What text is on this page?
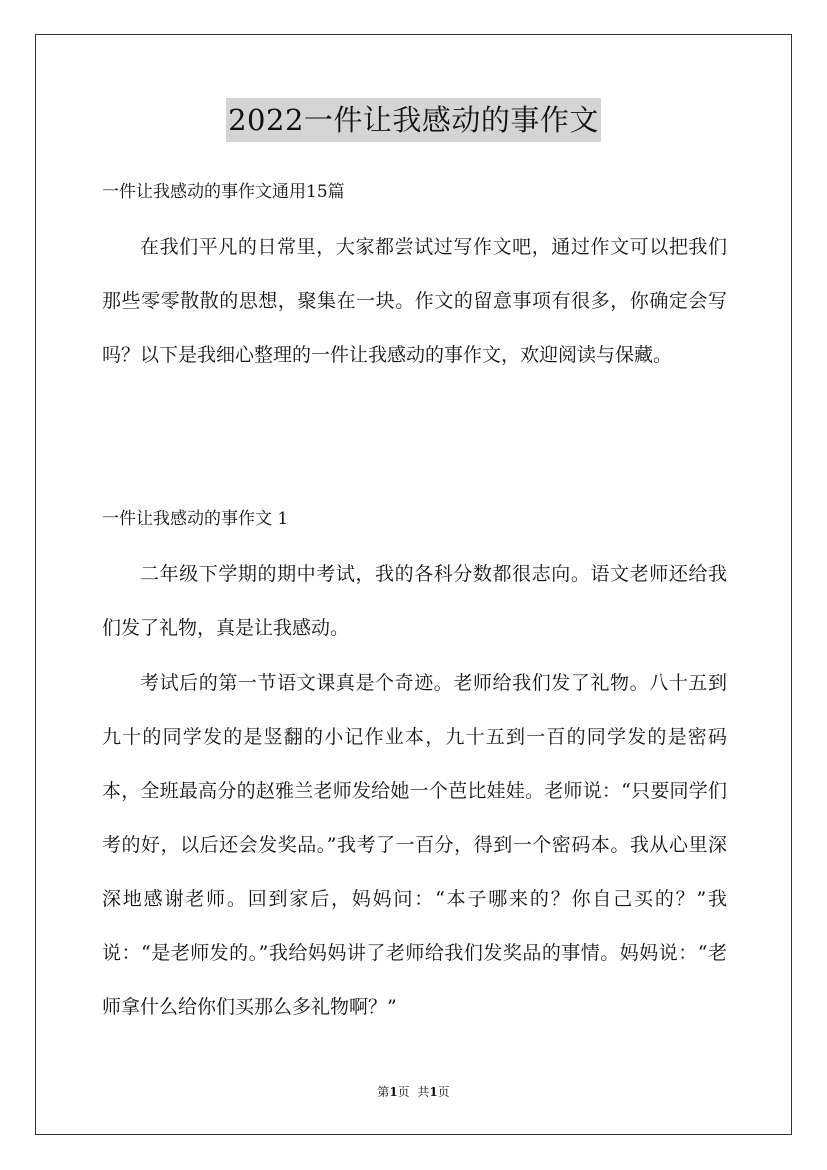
2022一件让我感动的事作文
一件让我感动的事作文通用15篇

在我们平凡的日常里，大家都尝试过写作文吧，通过作文可以把我们那些零零散散的思想，聚集在一块。作文的留意事项有很多，你确定会写吗？以下是我细心整理的一件让我感动的事作文，欢迎阅读与保藏。

一件让我感动的事作文 1

二年级下学期的期中考试，我的各科分数都很志向。语文老师还给我们发了礼物，真是让我感动。

考试后的第一节语文课真是个奇迹。老师给我们发了礼物。八十五到九十的同学发的是竖翻的小记作业本，九十五到一百的同学发的是密码本，全班最高分的赵雅兰老师发给她一个芭比娃娃。老师说：“只要同学们考的好，以后还会发奖品。”我考了一百分，得到一个密码本。我从心里深深地感谢老师。回到家后，妈妈问：“本子哪来的？你自己买的？”我说：“是老师发的。”我给妈妈讲了老师给我们发奖品的事情。妈妈说：“老师拿什么给你们买那么多礼物啊？”

第1页  共1页
